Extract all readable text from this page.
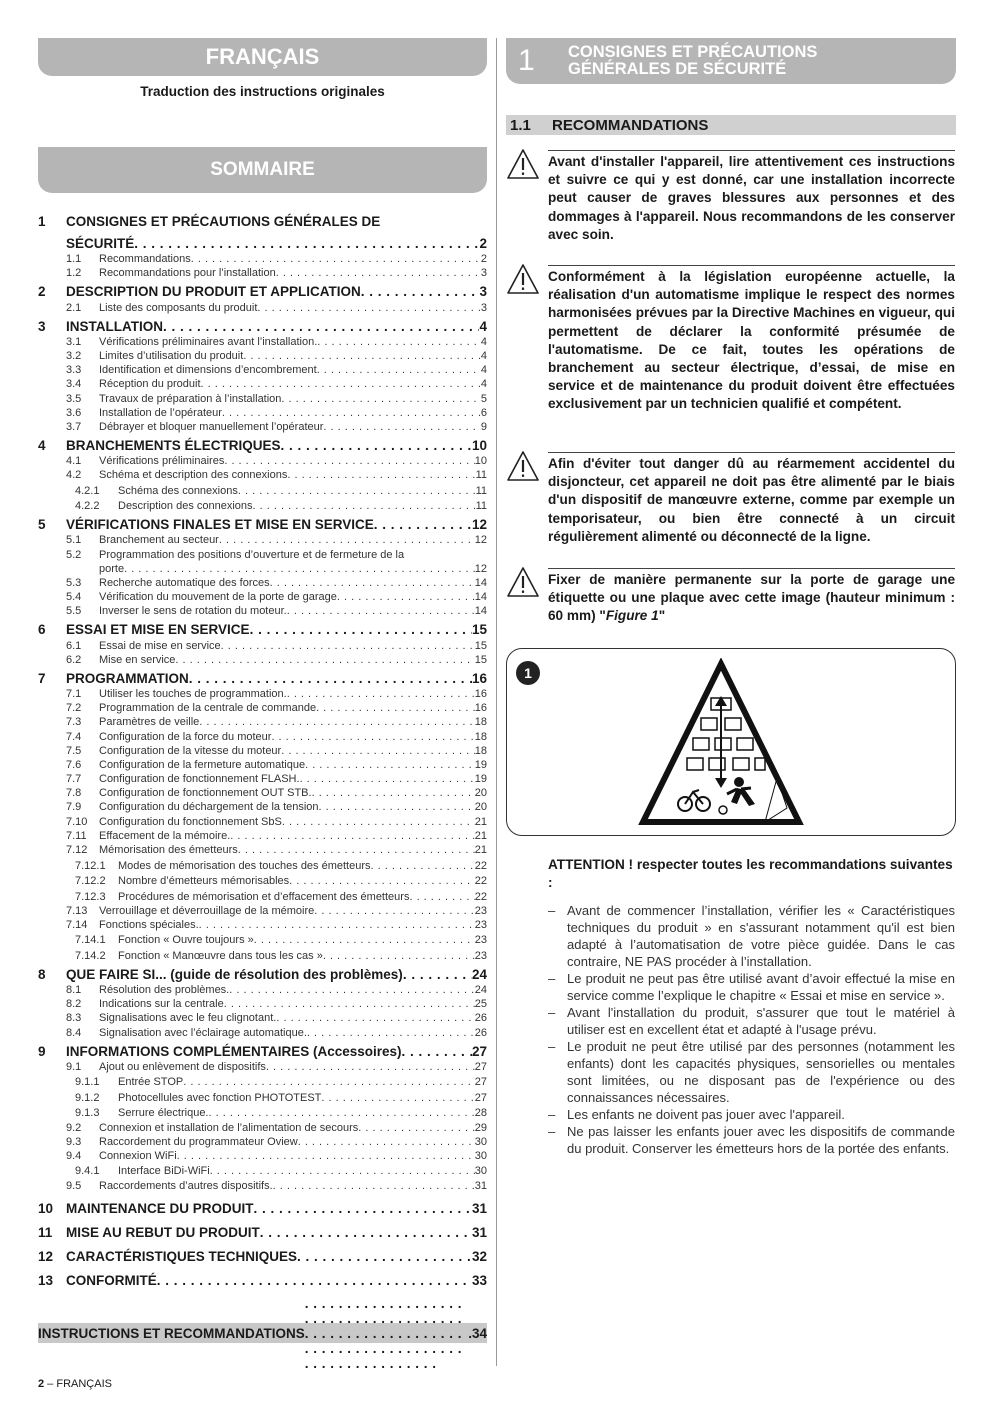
FRANÇAIS
Traduction des instructions originales
SOMMAIRE
1	CONSIGNES ET PRÉCAUTIONS GÉNÉRALES DE
SÉCURITÉ . . .	2
1.1	Recommandations . . .	2
1.2	Recommandations pour l’installation . . .	3
2	DESCRIPTION DU PRODUIT ET APPLICATION . . .	3
2.1	Liste des composants du produit . . .	3
3	INSTALLATION . . .	4
3.1	Vérifications préliminaires avant l’installation. . . .	4
3.2	Limites d’utilisation du produit . . .	4
3.3	Identification et dimensions d’encombrement . . .	4
3.4	Réception du produit . . .	4
3.5	Travaux de préparation à l’installation . . .	5
3.6	Installation de l’opérateur . . .	6
3.7	Débrayer et bloquer manuellement l’opérateur . . .	9
4	BRANCHEMENTS ÉLECTRIQUES . . .	10
4.1	Vérifications préliminaires . . .	10
4.2	Schéma et description des connexions . . .	11
4.2.1	Schéma des connexions . . .	11
4.2.2	Description des connexions . . .	11
5	VÉRIFICATIONS FINALES ET MISE EN SERVICE . . .	12
5.1	Branchement au secteur . . .	12
5.2	Programmation des positions d’ouverture et de fermeture de la
porte . . .	12
5.3	Recherche automatique des forces . . .	14
5.4	Vérification du mouvement de la porte de garage . . .	14
5.5	Inverser le sens de rotation du moteur. . . .	14
6	ESSAI ET MISE EN SERVICE . . .	15
6.1	Essai de mise en service . . .	15
6.2	Mise en service . . .	15
7	PROGRAMMATION . . .	16
7.1	Utiliser les touches de programmation. . . .	16
7.2	Programmation de la centrale de commande . . .	16
7.3	Paramètres de veille . . .	18
7.4	Configuration de la force du moteur . . .	18
7.5	Configuration de la vitesse du moteur . . .	18
7.6	Configuration de la fermeture automatique . . .	19
7.7	Configuration de fonctionnement FLASH. . . .	19
7.8	Configuration de fonctionnement OUT STB. . . .	20
7.9	Configuration du déchargement de la tension . . .	20
7.10	Configuration du fonctionnement SbS . . .	21
7.11	Effacement de la mémoire. . . .	21
7.12	Mémorisation des émetteurs . . .	21
7.12.1	Modes de mémorisation des touches des émetteurs . . .	22
7.12.2	Nombre d’émetteurs mémorisables . . .	22
7.12.3	Procédures de mémorisation et d’effacement des émetteurs . . .	22
7.13	Verrouillage et déverrouillage de la mémoire . . .	23
7.14	Fonctions spéciales. . . .	23
7.14.1	Fonction « Ouvre toujours » . . .	23
7.14.2	Fonction « Manœuvre dans tous les cas » . . .	23
8	QUE FAIRE SI... (guide de résolution des problèmes) . . .	24
8.1	Résolution des problèmes. . . .	24
8.2	Indications sur la centrale . . .	25
8.3	Signalisations avec le feu clignotant. . . .	26
8.4	Signalisation avec l’éclairage automatique. . . .	26
9	INFORMATIONS COMPLÉMENTAIRES (Accessoires) . . .	27
9.1	Ajout ou enlèvement de dispositifs . . .	27
9.1.1	Entrée STOP . . .	27
9.1.2	Photocellules avec fonction PHOTOTEST . . .	27
9.1.3	Serrure électrique. . . .	28
9.2	Connexion et installation de l’alimentation de secours . . .	29
9.3	Raccordement du programmateur Oview . . .	30
9.4	Connexion WiFi . . .	30
9.4.1	Interface BiDi-WiFi . . .	30
9.5	Raccordements d’autres dispositifs. . . .	31
10 MAINTENANCE DU PRODUIT . . .	31
11	MISE AU REBUT DU PRODUIT . . .	31
12 CARACTÉRISTIQUES TECHNIQUES . . .	32
13 CONFORMITÉ . . .	33
INSTRUCTIONS ET RECOMMANDATIONS . . .	.34
1	CONSIGNES ET PRÉCAUTIONS
GÉNÉRALES DE SÉCURITÉ
1.1	RECOMMANDATIONS
Avant d'installer l'appareil, lire attentivement ces instructions et suivre ce qui y est donné, car une installation incorrecte peut causer de graves blessures aux personnes et des dommages à l'appareil. Nous recommandons de les conserver avec soin.
Conformément à la législation européenne actuelle, la réalisation d'un automatisme implique le respect des normes harmonisées prévues par la Directive Machines en vigueur, qui permettent de déclarer la conformité présumée de l'automatisme. De ce fait, toutes les opérations de branchement au secteur électrique, d’essai, de mise en service et de maintenance du produit doivent être effectuées exclusivement par un technicien qualifié et compétent.
Afin d'éviter tout danger dû au réarmement accidentel du disjoncteur, cet appareil ne doit pas être alimenté par le biais d'un dispositif de manœuvre externe, comme par exemple un temporisateur, ou bien être connecté à un circuit régulièrement alimenté ou déconnecté de la ligne.
Fixer de manière permanente sur la porte de garage une étiquette ou une plaque avec cette image (hauteur minimum : 60 mm) "Figure 1"
1
ATTENTION ! respecter toutes les recommandations suivantes :
– Avant de commencer l’installation, vérifier les « Caractéristiques techniques du produit » en s'assurant notamment qu'il est bien adapté à l’automatisation de votre pièce guidée. Dans le cas contraire, NE PAS procéder à l’installation.
– Le produit ne peut pas être utilisé avant d’avoir effectué la mise en service comme l’explique le chapitre « Essai et mise en service ».
– Avant l'installation du produit, s'assurer que tout le matériel à utiliser est en excellent état et adapté à l'usage prévu.
– Le produit ne peut être utilisé par des personnes (notamment les enfants) dont les capacités physiques, sensorielles ou mentales sont limitées, ou ne disposant pas de l'expérience ou des connaissances nécessaires.
– Les enfants ne doivent pas jouer avec l'appareil.
– Ne pas laisser les enfants jouer avec les dispositifs de commande du produit. Conserver les émetteurs hors de la portée des enfants.
2 – FRANÇAIS
